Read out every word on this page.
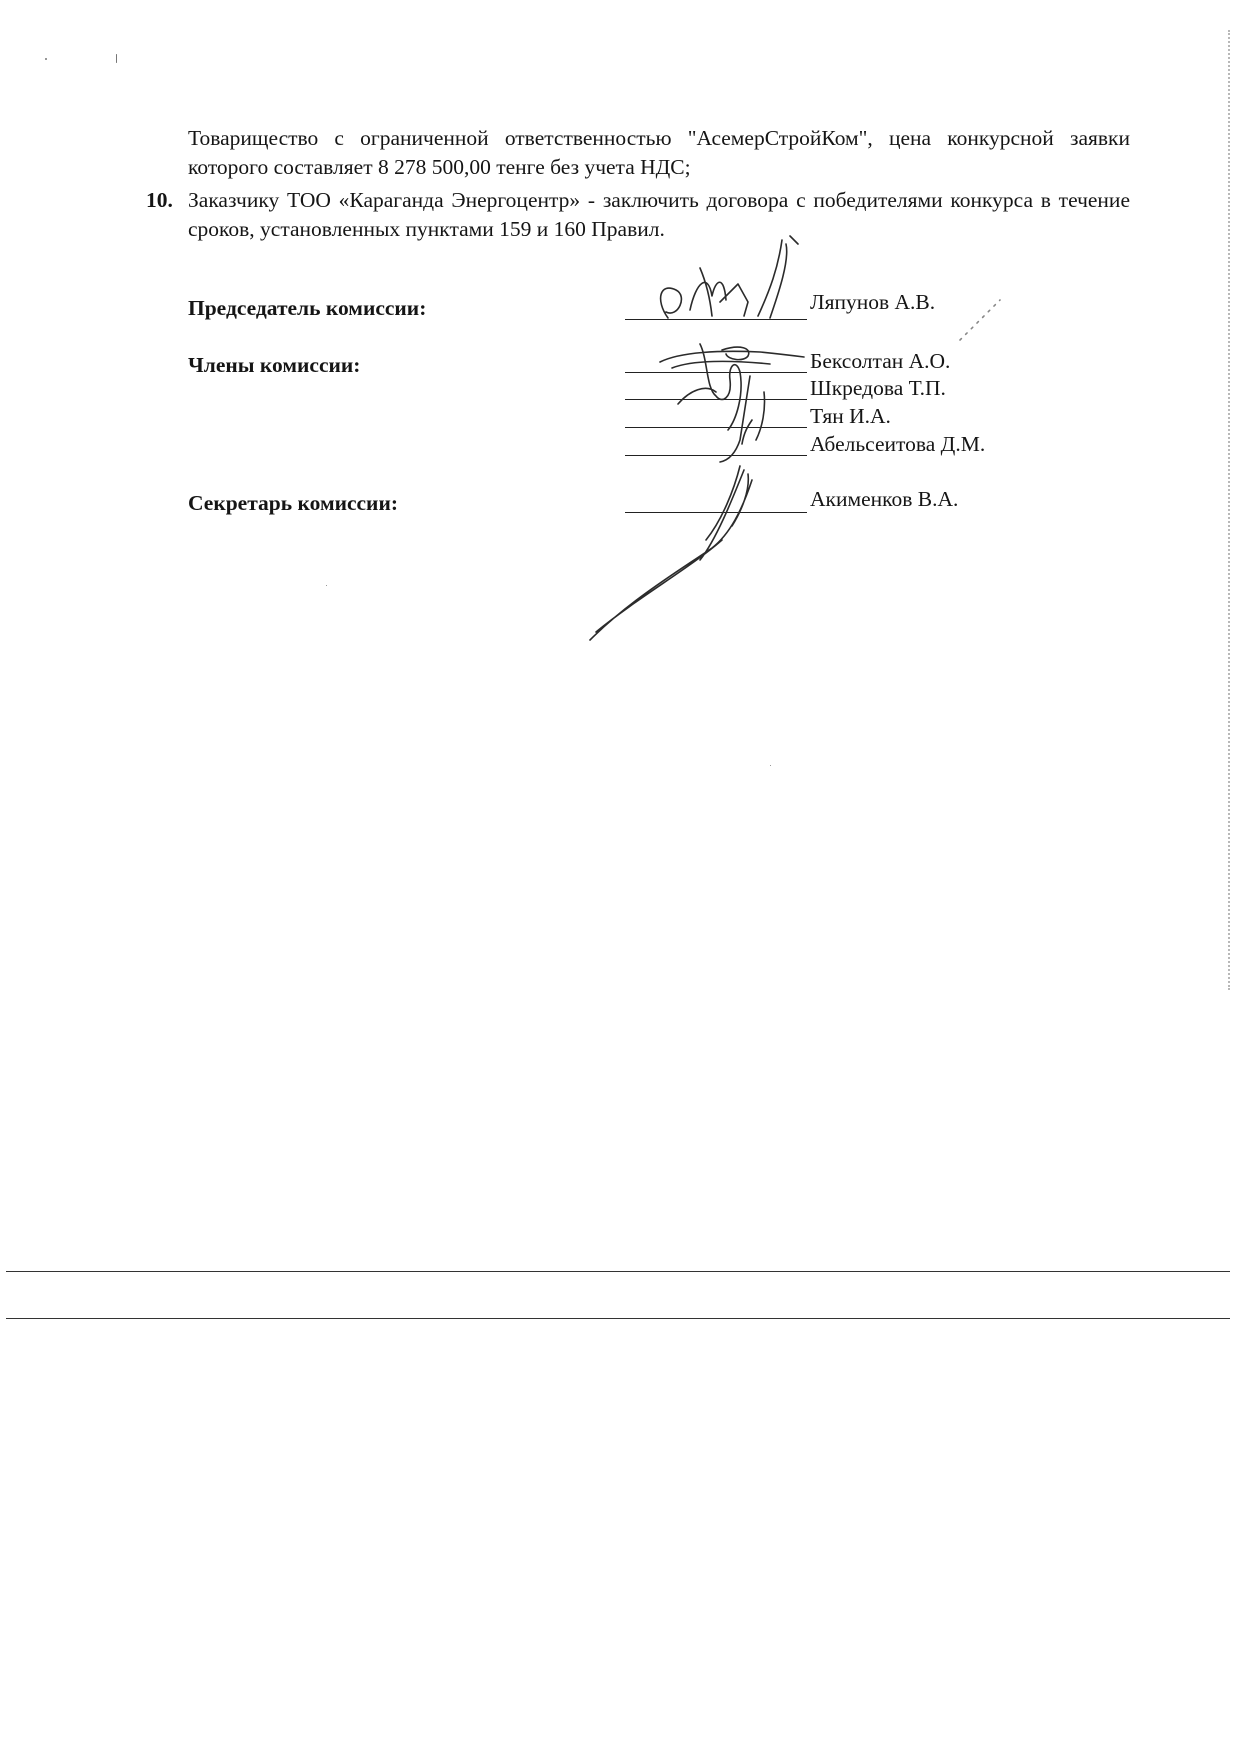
Товарищество с ограниченной ответственностью "АсемерСтройКом", цена конкурсной заявки которого составляет 8 278 500,00 тенге без учета НДС;
10. Заказчику ТОО «Караганда Энергоцентр» - заключить договора с победителями конкурса в течение сроков, установленных пунктами 159 и 160 Правил.
Председатель комиссии:	Ляпунов А.В.
Члены комиссии:	Бексолтан А.О.
Шкредова Т.П.
Тян И.А.
Абельсеитова Д.М.
Секретарь комиссии:	Акименков В.А.
